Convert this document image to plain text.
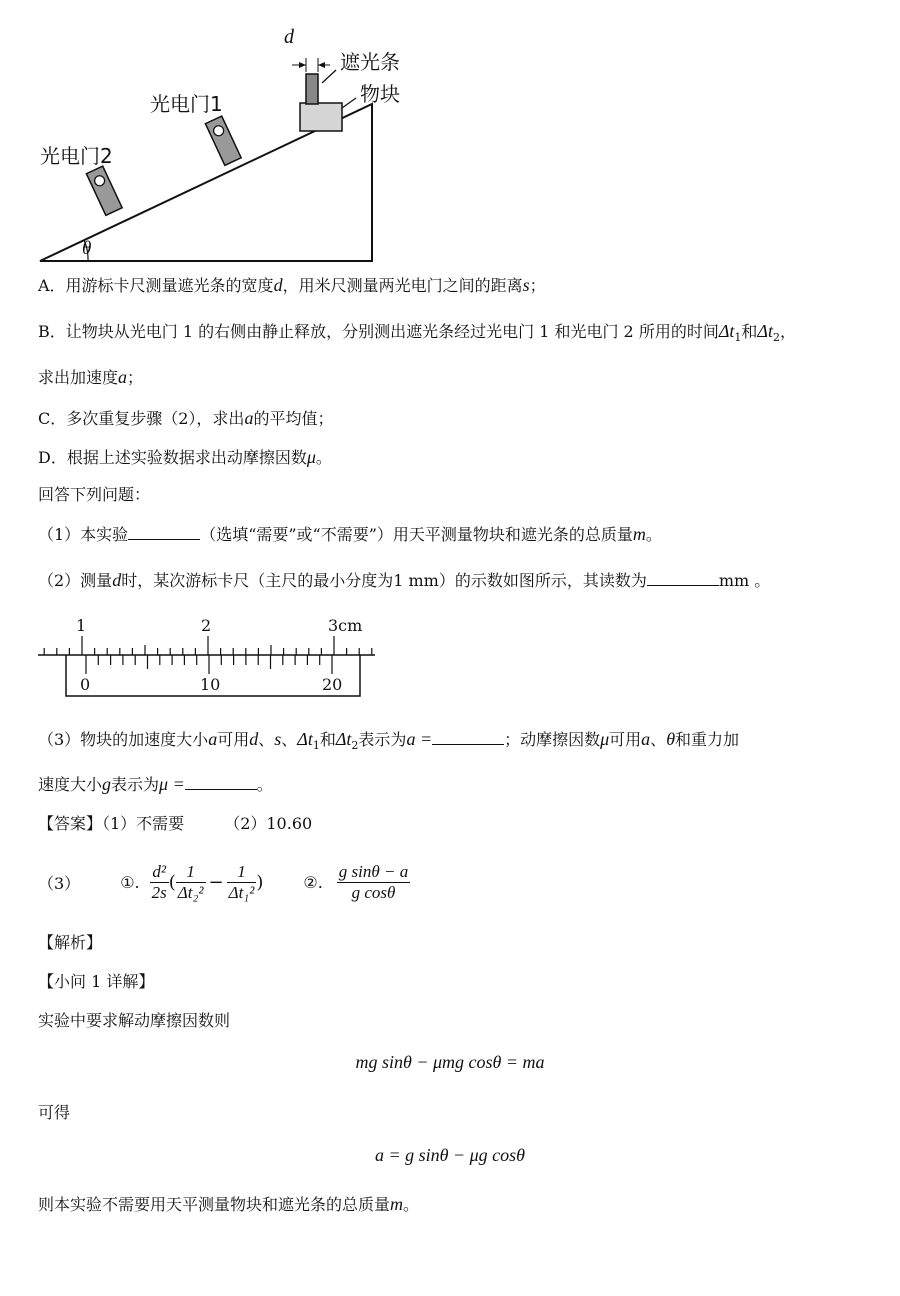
光电门2
光电门1
d
遮光条
物块
θ
A．用游标卡尺测量遮光条的宽度d，用米尺测量两光电门之间的距离s；
B．让物块从光电门 1 的右侧由静止释放，分别测出遮光条经过光电门 1 和光电门 2 所用的时间$\Delta t_1$和$\Delta t_2$，
求出加速度a；
C．多次重复步骤（2），求出a的平均值；
D．根据上述实验数据求出动摩擦因数μ。
回答下列问题：
（1）本实验	（选填“需要”或“不需要”）用天平测量物块和遮光条的总质量m。
（2）测量d时，某次游标卡尺（主尺的最小分度为1 mm）的示数如图所示，其读数为	mm 。
1	2	3cm
0	10	20
（3）物块的加速度大小a可用d、s、$\Delta t_1$和$\Delta t_2$表示为a =	；动摩擦因数μ可用a、θ和重力加
速度大小g表示为μ =	。
【答案】（1）不需要	（2）10.60
（3）	①. $\frac{\text{d²}}{2s}$ ( $\frac{1}{\text{Δt₂²}} - \frac{1}{\text{Δt₁²}}$ )	②. $\frac{\text{g sinθ − a}}{\text{g cosθ}}$
【解析】
【小问 1 详解】
实验中要求解动摩擦因数则
mg sinθ − μmg cosθ = ma
可得
a = g sinθ − μg cosθ
则本实验不需要用天平测量物块和遮光条的总质量m。
